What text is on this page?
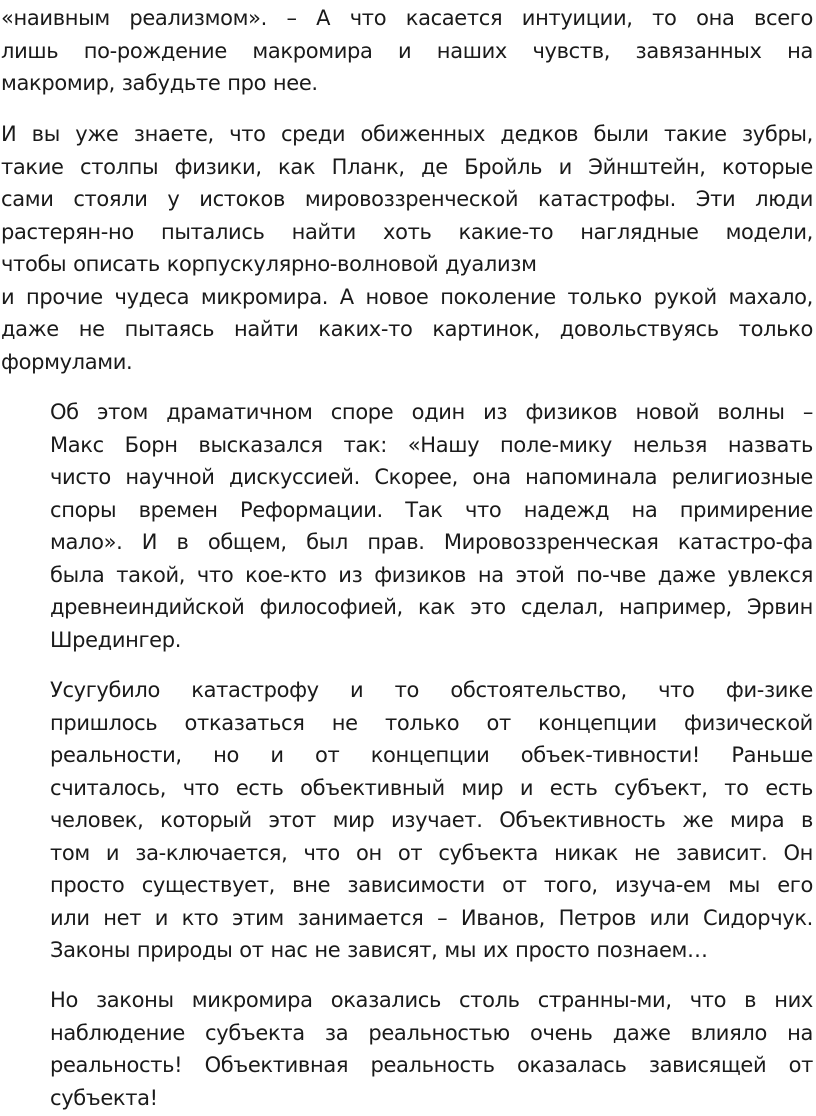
«наивным реализмом». – А что касается интуиции, то она всего
лишь по-рождение макромира и наших чувств, завязанных на
макромир, забудьте про нее.

И вы уже знаете, что среди обиженных дедков были такие зубры,
такие столпы физики, как Планк, де Бройль и Эйнштейн, которые
сами стояли у истоков мировоззренческой катастрофы. Эти люди
растерян-но пытались найти хоть какие-то наглядные модели,
чтобы описать корпускулярно-волновой дуализм
и прочие чудеса микромира. А новое поколение только рукой махало,
даже не пытаясь найти каких-то картинок, довольствуясь только
формулами.

Об этом драматичном споре один из физиков новой волны –
Макс Борн высказался так: «Нашу поле-мику нельзя назвать
чисто научной дискуссией. Скорее, она напоминала религиозные
споры времен Реформации. Так что надежд на примирение
мало». И в общем, был прав. Мировоззренческая катастро-фа
была такой, что кое-кто из физиков на этой по-чве даже увлекся
древнеиндийской философией, как это сделал, например, Эрвин
Шредингер.

Усугубило катастрофу и то обстоятельство, что фи-зике
пришлось отказаться не только от концепции физической
реальности, но и от концепции объек-тивности! Раньше
считалось, что есть объективный мир и есть субъект, то есть
человек, который этот мир изучает. Объективность же мира в
том и за-ключается, что он от субъекта никак не зависит. Он
просто существует, вне зависимости от того, изуча-ем мы его
или нет и кто этим занимается – Иванов, Петров или Сидорчук.
Законы природы от нас не зависят, мы их просто познаем…

Но законы микромира оказались столь странны-ми, что в них
наблюдение субъекта за реальностью очень даже влияло на
реальность! Объективная реальность оказалась зависящей от
субъекта!
